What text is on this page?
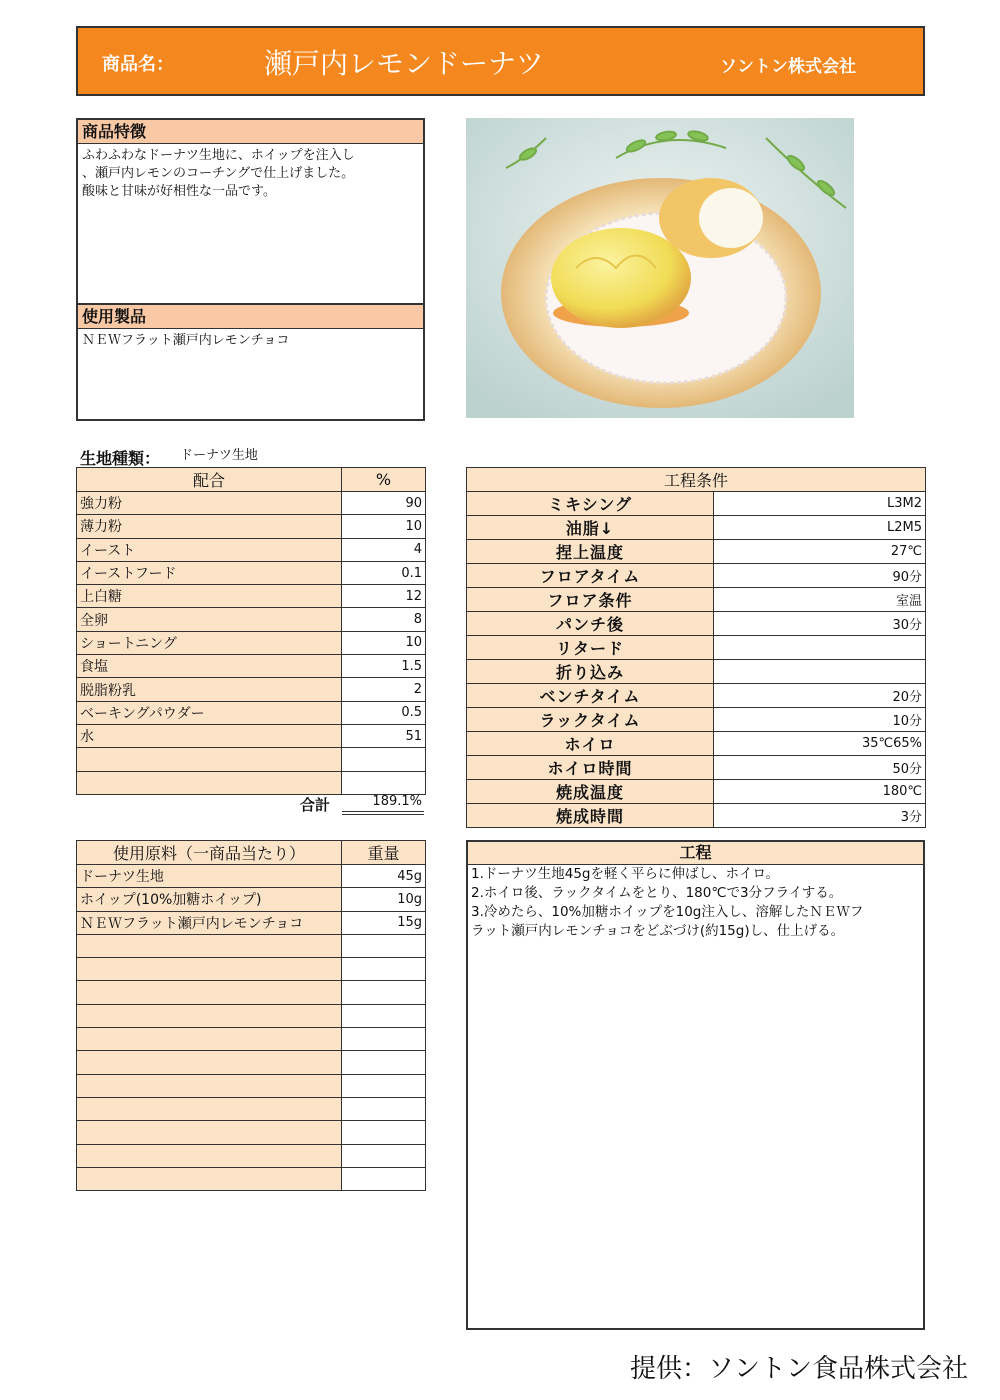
商品名：	瀬戸内レモンドーナツ	ソントン株式会社
商品特徴
ふわふわなドーナツ生地に、ホイップを注入し
、瀬戸内レモンのコーチングで仕上げました。
酸味と甘味が好相性な一品です。
使用製品
ＮＥＷフラット瀬戸内レモンチョコ
生地種類： ドーナツ生地
配合	%
強力粉	90
薄力粉	10
イースト	4
イーストフード	0.1
上白糖	12
全卵	8
ショートニング	10
食塩	1.5
脱脂粉乳	2
ベーキングパウダー	0.5
水	51

合計	189.1%
工程条件	
ミキシング	L3M2
油脂↓	L2M5
捏上温度	27℃
フロアタイム	90分
フロア条件	室温
パンチ後	30分
リタード	
折り込み	
ベンチタイム	20分
ラックタイム	10分
ホイロ	35℃65%
ホイロ時間	50分
焼成温度	180℃
焼成時間	3分
使用原料（一商品当たり）	重量
ドーナツ生地	45g
ホイップ(10%加糖ホイップ)	10g
ＮＥＷフラット瀬戸内レモンチョコ	15g

工程
1.ドーナツ生地45gを軽く平らに伸ばし、ホイロ。
2.ホイロ後、ラックタイムをとり、180℃で3分フライする。
3.冷めたら、10%加糖ホイップを10g注入し、溶解したＮＥＷフ
ラット瀬戸内レモンチョコをどぶづけ(約15g)し、仕上げる。
提供：ソントン食品株式会社
